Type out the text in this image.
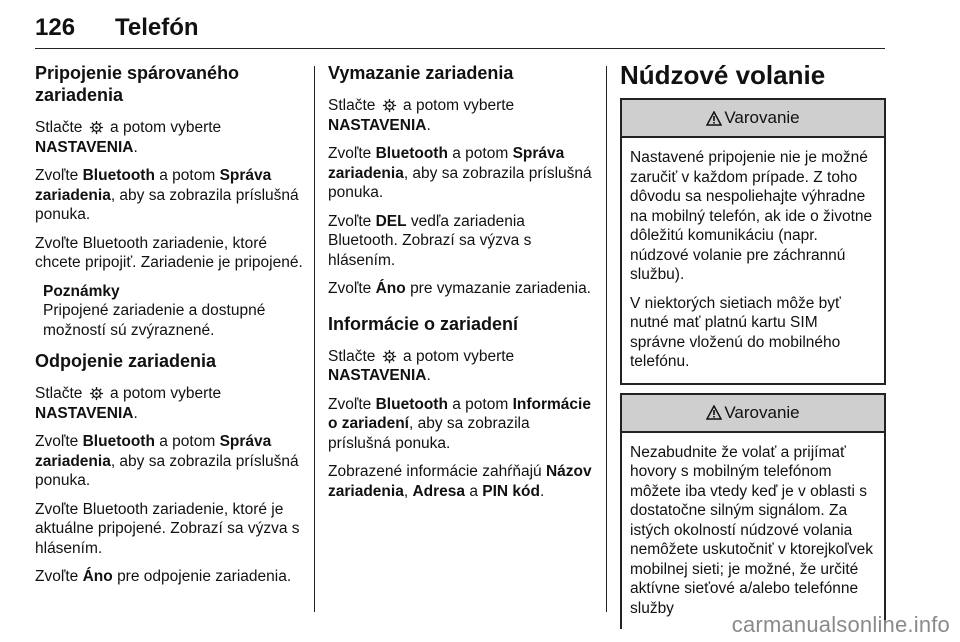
126 Telefón
Pripojenie spárovaného zariadenia

Stlačte a potom vyberte NASTAVENIA.

Zvoľte Bluetooth a potom Správa zariadenia, aby sa zobrazila príslušná ponuka.

Zvoľte Bluetooth zariadenie, ktoré chcete pripojiť. Zariadenie je pripojené.

Poznámky
Pripojené zariadenie a dostupné možností sú zvýraznené.
Odpojenie zariadenia

Stlačte a potom vyberte NASTAVENIA.

Zvoľte Bluetooth a potom Správa zariadenia, aby sa zobrazila príslušná ponuka.

Zvoľte Bluetooth zariadenie, ktoré je aktuálne pripojené. Zobrazí sa výzva s hlásením.

Zvoľte Áno pre odpojenie zariadenia.

Vymazanie zariadenia

Stlačte a potom vyberte NASTAVENIA.

Zvoľte Bluetooth a potom Správa zariadenia, aby sa zobrazila príslušná ponuka.

Zvoľte DEL vedľa zariadenia Bluetooth. Zobrazí sa výzva s hlásením.

Zvoľte Áno pre vymazanie zariadenia.

Informácie o zariadení

Stlačte a potom vyberte NASTAVENIA.

Zvoľte Bluetooth a potom Informácie o zariadení, aby sa zobrazila príslušná ponuka.

Zobrazené informácie zahŕňajú Názov zariadenia, Adresa a PIN kód.

Núdzové volanie
Varovanie

Nastavené pripojenie nie je možné zaručiť v každom prípade. Z toho dôvodu sa nespoliehajte výhradne na mobilný telefón, ak ide o životne dôležitú komunikáciu (napr. núdzové volanie pre záchrannú službu).

V niektorých sietiach môže byť nutné mať platnú kartu SIM správne vloženú do mobilného telefónu.

Varovanie

Nezabudnite že volať a prijímať hovory s mobilným telefónom môžete iba vtedy keď je v oblasti s dostatočne silným signálom. Za istých okolností núdzové volania nemôžete uskutočniť v ktorejkoľvek mobilnej sieti; je možné, že určité aktívne sieťové a/alebo telefónne služby

carmanualsonline.info
